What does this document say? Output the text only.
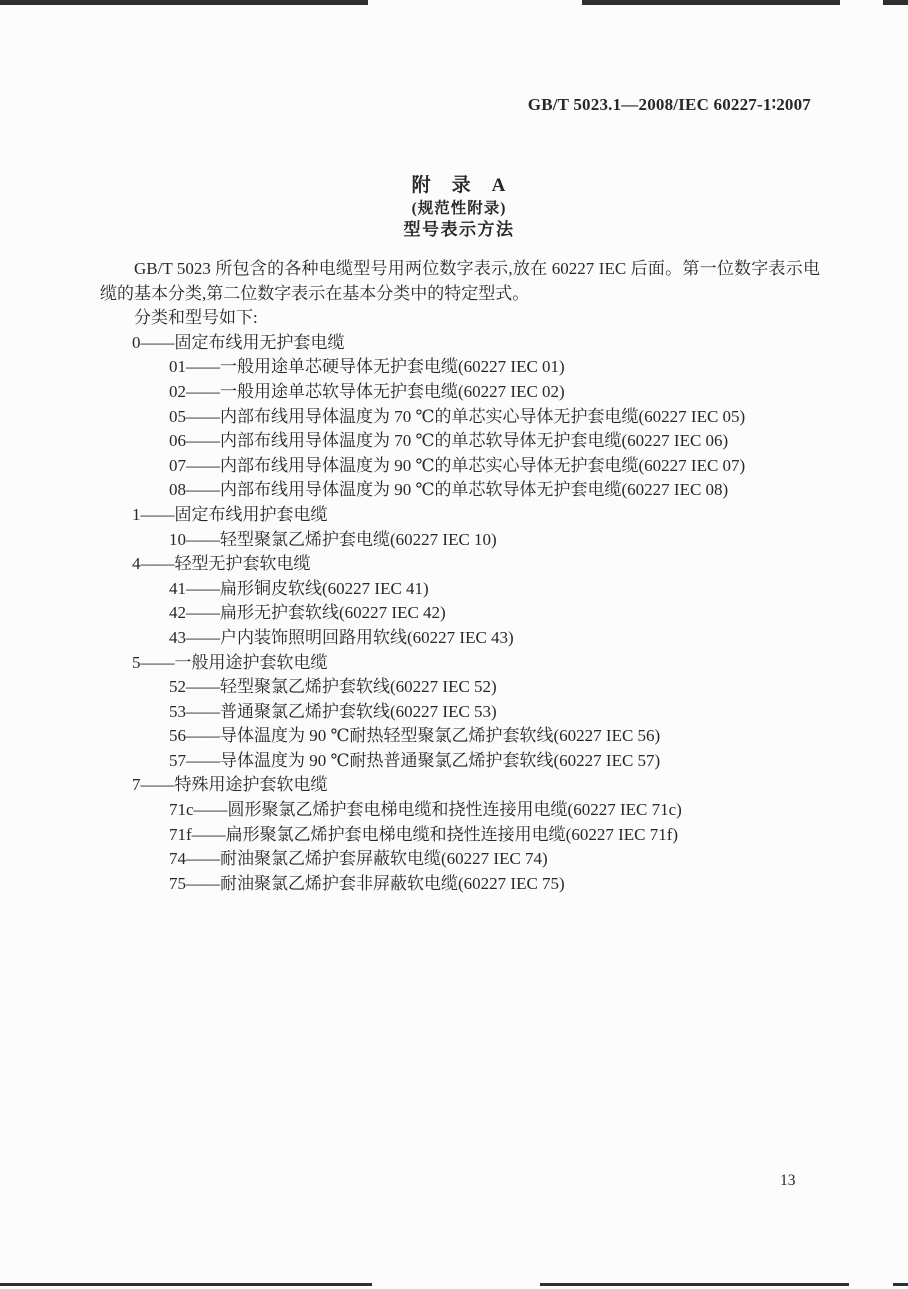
GB/T 5023.1—2008/IEC 60227-1∶2007
附　录　A
(规范性附录)
型号表示方法

GB/T 5023 所包含的各种电缆型号用两位数字表示,放在 60227 IEC 后面。第一位数字表示电缆的基本分类,第二位数字表示在基本分类中的特定型式。

分类和型号如下:

0——固定布线用无护套电缆
01——一般用途单芯硬导体无护套电缆(60227 IEC 01)
02——一般用途单芯软导体无护套电缆(60227 IEC 02)
05——内部布线用导体温度为 70 ℃的单芯实心导体无护套电缆(60227 IEC 05)
06——内部布线用导体温度为 70 ℃的单芯软导体无护套电缆(60227 IEC 06)
07——内部布线用导体温度为 90 ℃的单芯实心导体无护套电缆(60227 IEC 07)
08——内部布线用导体温度为 90 ℃的单芯软导体无护套电缆(60227 IEC 08)
1——固定布线用护套电缆
10——轻型聚氯乙烯护套电缆(60227 IEC 10)
4——轻型无护套软电缆
41——扁形铜皮软线(60227 IEC 41)
42——扁形无护套软线(60227 IEC 42)
43——户内装饰照明回路用软线(60227 IEC 43)
5——一般用途护套软电缆
52——轻型聚氯乙烯护套软线(60227 IEC 52)
53——普通聚氯乙烯护套软线(60227 IEC 53)
56——导体温度为 90 ℃耐热轻型聚氯乙烯护套软线(60227 IEC 56)
57——导体温度为 90 ℃耐热普通聚氯乙烯护套软线(60227 IEC 57)
7——特殊用途护套软电缆
71c——圆形聚氯乙烯护套电梯电缆和挠性连接用电缆(60227 IEC 71c)
71f——扁形聚氯乙烯护套电梯电缆和挠性连接用电缆(60227 IEC 71f)
74——耐油聚氯乙烯护套屏蔽软电缆(60227 IEC 74)
75——耐油聚氯乙烯护套非屏蔽软电缆(60227 IEC 75)
13
